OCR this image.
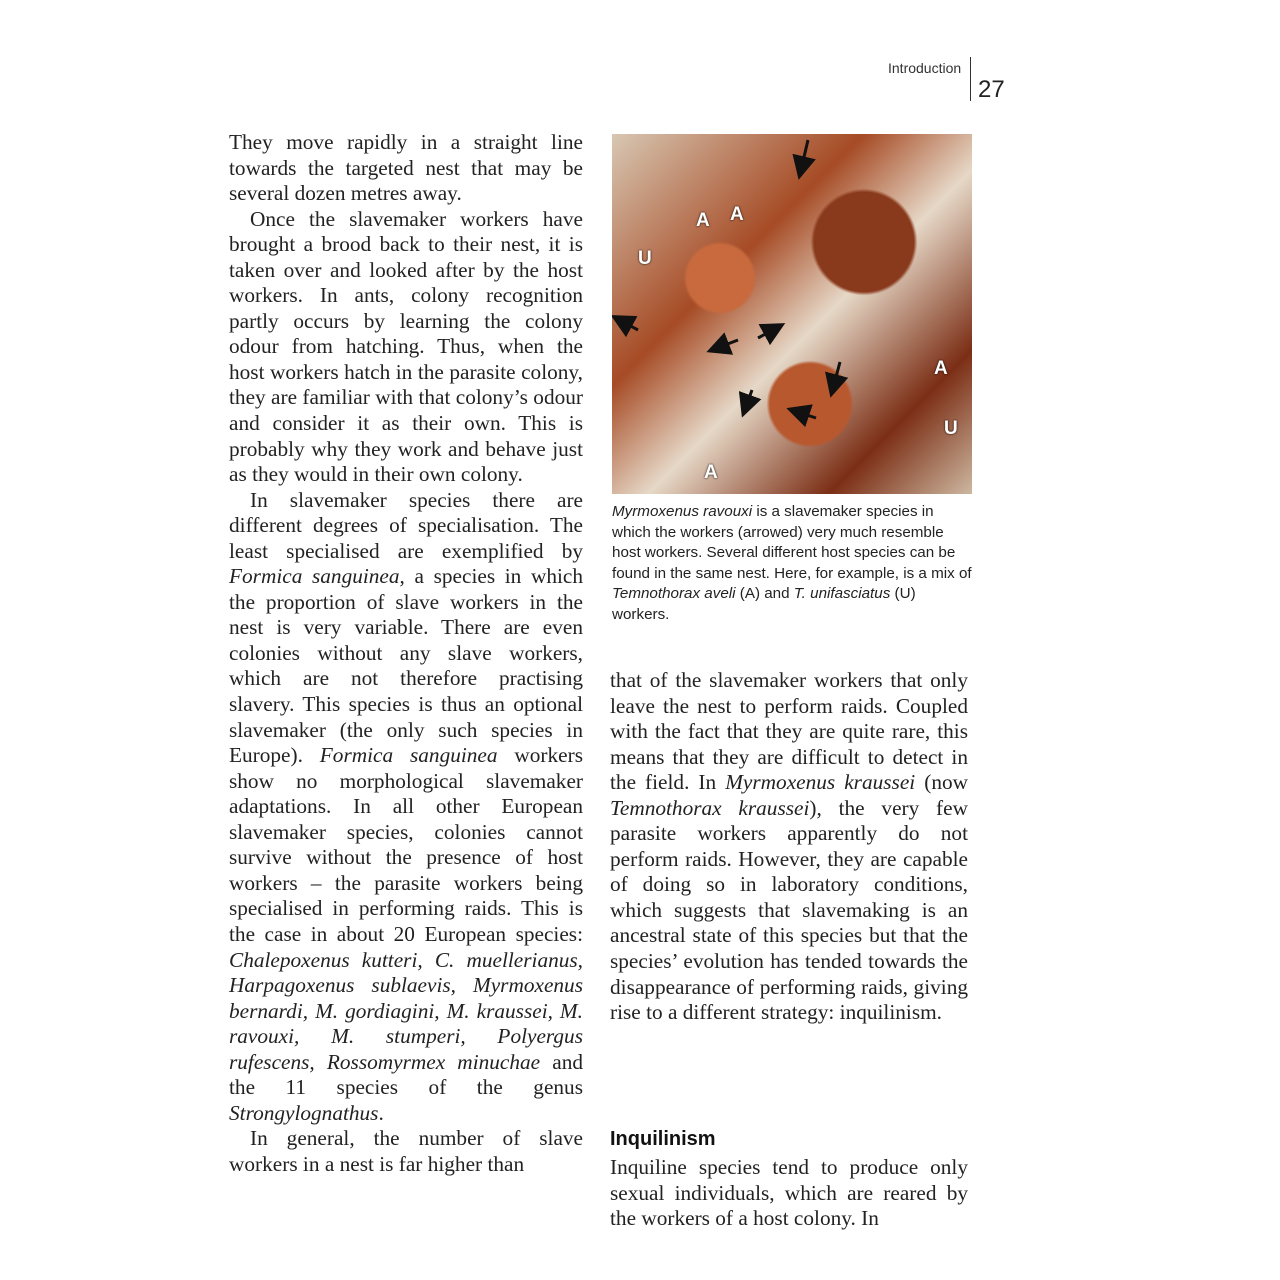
Introduction
27

They move rapidly in a straight line towards the targeted nest that may be several dozen metres away.

Once the slavemaker workers have brought a brood back to their nest, it is taken over and looked after by the host workers. In ants, colony recognition partly occurs by learning the colony odour from hatching. Thus, when the host workers hatch in the parasite colony, they are familiar with that colony’s odour and consider it as their own. This is probably why they work and behave just as they would in their own colony.

In slavemaker species there are different degrees of specialisation. The least specialised are exemplified by Formica sanguinea, a species in which the proportion of slave workers in the nest is very variable. There are even colonies without any slave workers, which are not therefore practising slavery. This species is thus an optional slavemaker (the only such species in Europe). Formica sanguinea workers show no morphological slavemaker adaptations. In all other European slavemaker species, colonies cannot survive without the presence of host workers – the parasite workers being specialised in performing raids. This is the case in about 20 European species: Chalepoxenus kutteri, C. muellerianus, Harpagoxenus sublaevis, Myrmoxenus bernardi, M. gordiagini, M. kraussei, M. ravouxi, M. stumperi, Polyergus rufescens, Rossomyrmex minuchae and the 11 species of the genus Strongylognathus.

In general, the number of slave workers in a nest is far higher than

A A
U
A
U
A

Myrmoxenus ravouxi is a slavemaker species in which the workers (arrowed) very much resemble host workers. Several different host species can be found in the same nest. Here, for example, is a mix of Temnothorax aveli (A) and T. unifasciatus (U) workers.

that of the slavemaker workers that only leave the nest to perform raids. Coupled with the fact that they are quite rare, this means that they are difficult to detect in the field. In Myrmoxenus kraussei (now Temnothorax kraussei), the very few parasite workers apparently do not perform raids. However, they are capable of doing so in laboratory conditions, which suggests that slavemaking is an ancestral state of this species but that the species’ evolution has tended towards the disappearance of performing raids, giving rise to a different strategy: inquilinism.

Inquilinism

Inquiline species tend to produce only sexual individuals, which are reared by the workers of a host colony. In
